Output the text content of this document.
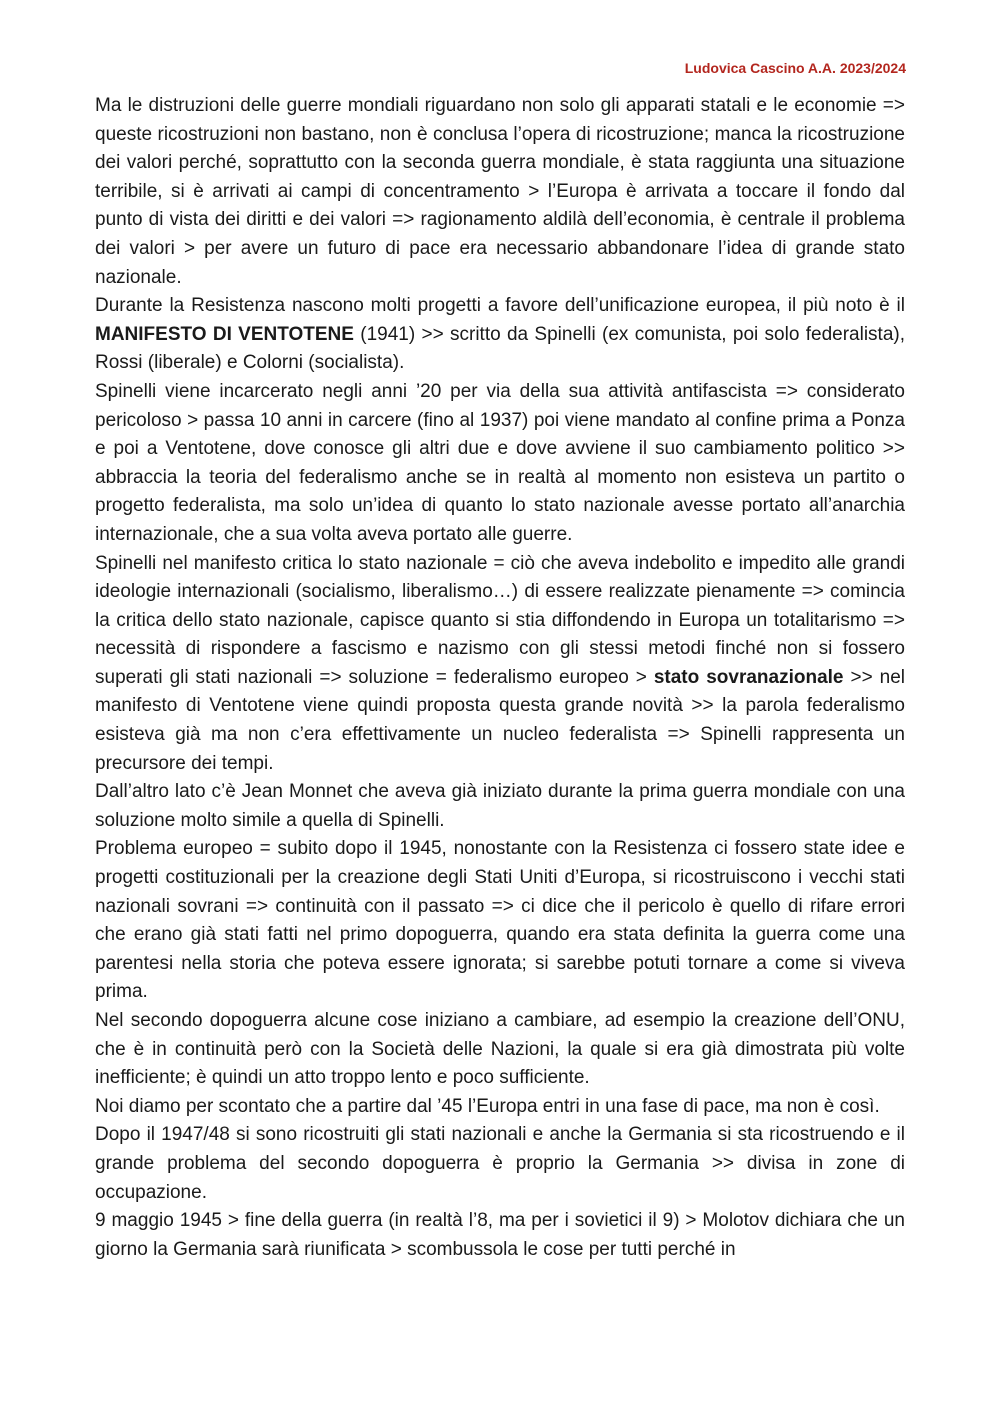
Ludovica Cascino A.A. 2023/2024

Ma le distruzioni delle guerre mondiali riguardano non solo gli apparati statali e le economie => queste ricostruzioni non bastano, non è conclusa l’opera di ricostruzione; manca la ricostruzione dei valori perché, soprattutto con la seconda guerra mondiale, è stata raggiunta una situazione terribile, si è arrivati ai campi di concentramento > l’Europa è arrivata a toccare il fondo dal punto di vista dei diritti e dei valori => ragionamento aldilà dell’economia, è centrale il problema dei valori > per avere un futuro di pace era necessario abbandonare l’idea di grande stato nazionale.

Durante la Resistenza nascono molti progetti a favore dell’unificazione europea, il più noto è il MANIFESTO DI VENTOTENE (1941) >> scritto da Spinelli (ex comunista, poi solo federalista), Rossi (liberale) e Colorni (socialista).

Spinelli viene incarcerato negli anni ’20 per via della sua attività antifascista => considerato pericoloso > passa 10 anni in carcere (fino al 1937) poi viene mandato al confine prima a Ponza e poi a Ventotene, dove conosce gli altri due e dove avviene il suo cambiamento politico >> abbraccia la teoria del federalismo anche se in realtà al momento non esisteva un partito o progetto federalista, ma solo un’idea di quanto lo stato nazionale avesse portato all’anarchia internazionale, che a sua volta aveva portato alle guerre.

Spinelli nel manifesto critica lo stato nazionale = ciò che aveva indebolito e impedito alle grandi ideologie internazionali (socialismo, liberalismo…) di essere realizzate pienamente => comincia la critica dello stato nazionale, capisce quanto si stia diffondendo in Europa un totalitarismo => necessità di rispondere a fascismo e nazismo con gli stessi metodi finché non si fossero superati gli stati nazionali => soluzione = federalismo europeo > stato sovranazionale >> nel manifesto di Ventotene viene quindi proposta questa grande novità >> la parola federalismo esisteva già ma non c’era effettivamente un nucleo federalista => Spinelli rappresenta un precursore dei tempi.

Dall’altro lato c’è Jean Monnet che aveva già iniziato durante la prima guerra mondiale con una soluzione molto simile a quella di Spinelli.

Problema europeo = subito dopo il 1945, nonostante con la Resistenza ci fossero state idee e progetti costituzionali per la creazione degli Stati Uniti d’Europa, si ricostruiscono i vecchi stati nazionali sovrani => continuità con il passato => ci dice che il pericolo è quello di rifare errori che erano già stati fatti nel primo dopoguerra, quando era stata definita la guerra come una parentesi nella storia che poteva essere ignorata; si sarebbe potuti tornare a come si viveva prima.

Nel secondo dopoguerra alcune cose iniziano a cambiare, ad esempio la creazione dell’ONU, che è in continuità però con la Società delle Nazioni, la quale si era già dimostrata più volte inefficiente; è quindi un atto troppo lento e poco sufficiente.

Noi diamo per scontato che a partire dal ’45 l’Europa entri in una fase di pace, ma non è così.

Dopo il 1947/48 si sono ricostruiti gli stati nazionali e anche la Germania si sta ricostruendo e il grande problema del secondo dopoguerra è proprio la Germania >> divisa in zone di occupazione.

9 maggio 1945 > fine della guerra (in realtà l’8, ma per i sovietici il 9) > Molotov dichiara che un giorno la Germania sarà riunificata > scombussola le cose per tutti perché in
